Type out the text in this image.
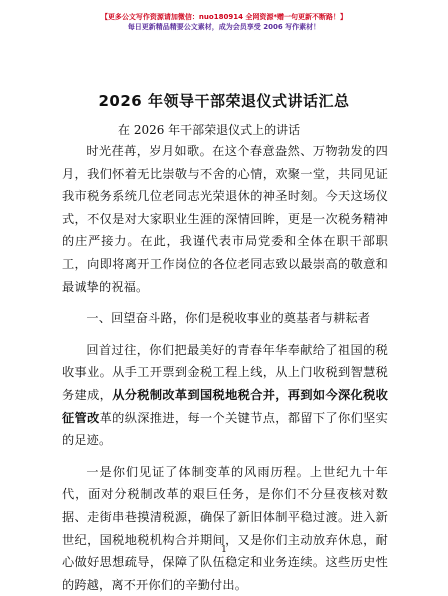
【更多公文写作资源请加微信：nuo180914 全网资源*赠一句更新不断路！】
每日更新精品精要公文素材，成为会员享受 2006 写作素材！
2026 年领导干部荣退仪式讲话汇总
在 2026 年干部荣退仪式上的讲话

时光荏苒，岁月如歌。在这个春意盎然、万物勃发的四月，我们怀着无比崇敬与不舍的心情，欢聚一堂，共同见证我市税务系统几位老同志光荣退休的神圣时刻。今天这场仪式，不仅是对大家职业生涯的深情回眸，更是一次税务精神的庄严接力。在此，我谨代表市局党委和全体在职干部职工，向即将离开工作岗位的各位老同志致以最崇高的敬意和最诚挚的祝福。

一、回望奋斗路，你们是税收事业的奠基者与耕耘者

回首过往，你们把最美好的青春年华奉献给了祖国的税收事业。从手工开票到金税工程上线，从上门收税到智慧税务建成，从分税制改革到国税地税合并，再到如今深化税收征管改革的纵深推进，每一个关键节点，都留下了你们坚实的足迹。

一是你们见证了体制变革的风雨历程。上世纪九十年代，面对分税制改革的艰巨任务，是你们不分昼夜核对数据、走街串巷摸清税源，确保了新旧体制平稳过渡。进入新世纪，国税地税机构合并期间，又是你们主动放弃休息，耐心做好思想疏导，保障了队伍稳定和业务连续。这些历史性的跨越，离不开你们的辛勤付出。

1
